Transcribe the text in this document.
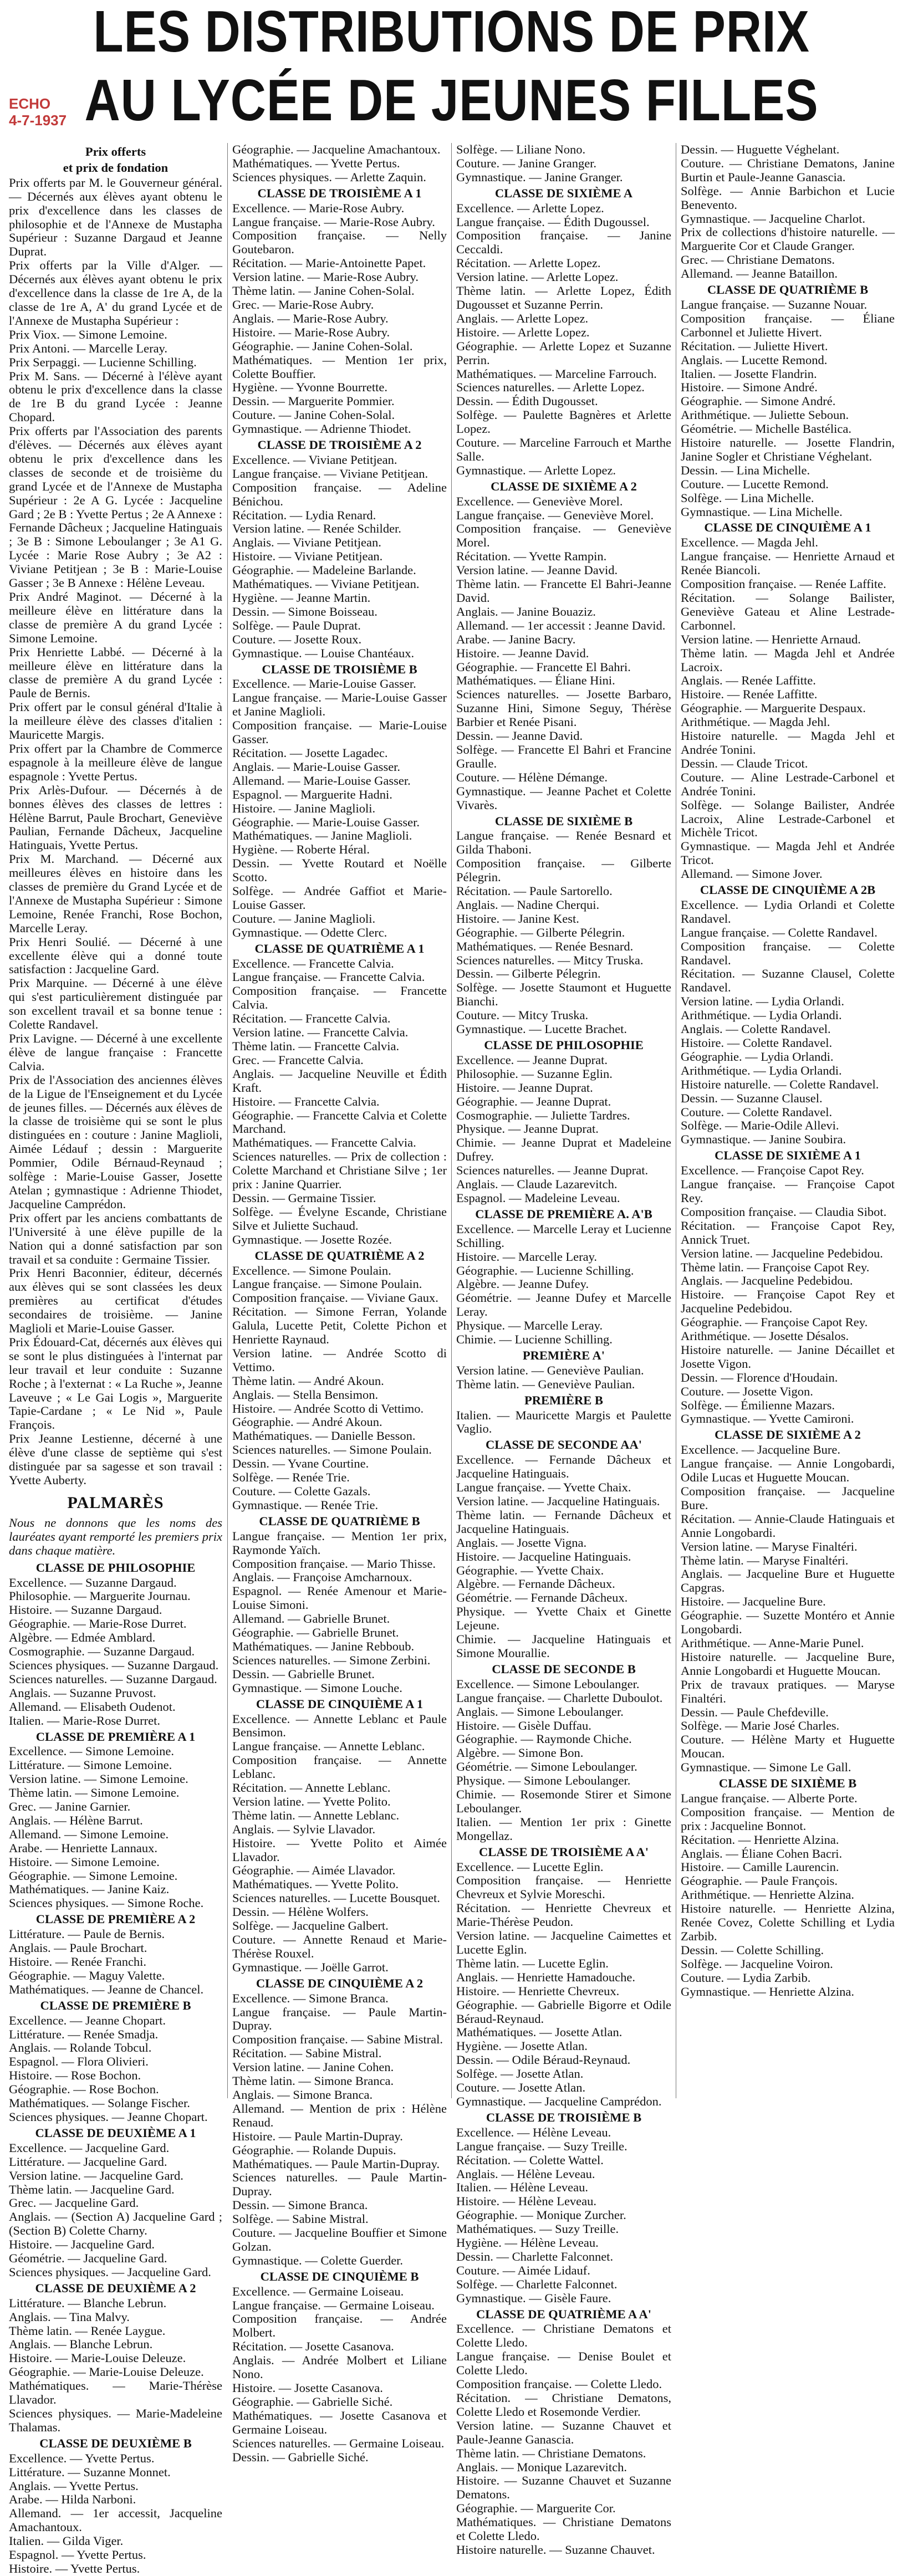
LES DISTRIBUTIONS DE PRIX
AU LYCÉE DE JEUNES FILLES
ECHO
4-7-1937

Prix offerts

et prix de fondation

Prix offerts par M. le Gouverneur général. — Décernés aux élèves ayant obtenu le prix d'excellence dans les classes de philosophie et de l'Annexe de Mustapha Supérieur : Suzanne Dargaud et Jeanne Duprat.

Prix offerts par la Ville d'Alger. — Décernés aux élèves ayant obtenu le prix d'excellence dans la classe de 1re A, de la classe de 1re A, A' du grand Lycée et de l'Annexe de Mustapha Supérieur :

Prix Viox. — Simone Lemoine.

Prix Antoni. — Marcelle Leray.

Prix Serpaggi. — Lucienne Schilling.

Prix M. Sans. — Décerné à l'élève ayant obtenu le prix d'excellence dans la classe de 1re B du grand Lycée : Jeanne Chopard.

Prix offerts par l'Association des parents d'élèves. — Décernés aux élèves ayant obtenu le prix d'excellence dans les classes de seconde et de troisième du grand Lycée et de l'Annexe de Mustapha Supérieur : 2e A G. Lycée : Jacqueline Gard ; 2e B : Yvette Pertus ; 2e A Annexe : Fernande Dâcheux ; Jacqueline Hatinguais ; 3e B : Simone Leboulanger ; 3e A1 G. Lycée : Marie Rose Aubry ; 3e A2 : Viviane Petitjean ; 3e B : Marie-Louise Gasser ; 3e B Annexe : Hélène Leveau.

Prix André Maginot. — Décerné à la meilleure élève en littérature dans la classe de première A du grand Lycée : Simone Lemoine.

Prix Henriette Labbé. — Décerné à la meilleure élève en littérature dans la classe de première A du grand Lycée : Paule de Bernis.

Prix offert par le consul général d'Italie à la meilleure élève des classes d'italien : Mauricette Margis.

Prix offert par la Chambre de Commerce espagnole à la meilleure élève de langue espagnole : Yvette Pertus.

Prix Arlès-Dufour. — Décernés à de bonnes élèves des classes de lettres : Hélène Barrut, Paule Brochart, Geneviève Paulian, Fernande Dâcheux, Jacqueline Hatinguais, Yvette Pertus.

Prix M. Marchand. — Décerné aux meilleures élèves en histoire dans les classes de première du Grand Lycée et de l'Annexe de Mustapha Supérieur : Simone Lemoine, Renée Franchi, Rose Bochon, Marcelle Leray.

Prix Henri Soulié. — Décerné à une excellente élève qui a donné toute satisfaction : Jacqueline Gard.

Prix Marquine. — Décerné à une élève qui s'est particulièrement distinguée par son excellent travail et sa bonne tenue : Colette Randavel.

Prix Lavigne. — Décerné à une excellente élève de langue française : Francette Calvia.

Prix de l'Association des anciennes élèves de la Ligue de l'Enseignement et du Lycée de jeunes filles. — Décernés aux élèves de la classe de troisième qui se sont le plus distinguées en : couture : Janine Maglioli, Aimée Lédauf ; dessin : Marguerite Pommier, Odile Bérnaud-Reynaud ; solfège : Marie-Louise Gasser, Josette Atelan ; gymnastique : Adrienne Thiodet, Jacqueline Camprédon.

Prix offert par les anciens combattants de l'Université à une élève pupille de la Nation qui a donné satisfaction par son travail et sa conduite : Germaine Tissier.

Prix Henri Baconnier, éditeur, décernés aux élèves qui se sont classées les deux premières au certificat d'études secondaires de troisième. — Janine Maglioli et Marie-Louise Gasser.

Prix Édouard-Cat, décernés aux élèves qui se sont le plus distinguées à l'internat par leur travail et leur conduite : Suzanne Roche ; à l'externat : « La Ruche », Jeanne Laveuve ; « Le Gai Logis », Marguerite Tapie-Cardane ; « Le Nid », Paule François.

Prix Jeanne Lestienne, décerné à une élève d'une classe de septième qui s'est distinguée par sa sagesse et son travail : Yvette Auberty.

PALMARÈS

Nous ne donnons que les noms des lauréates ayant remporté les premiers prix dans chaque matière.

CLASSE DE PHILOSOPHIE

Excellence. — Suzanne Dargaud.

Philosophie. — Marguerite Journau.

Histoire. — Suzanne Dargaud.

Géographie. — Marie-Rose Durret.

Algèbre. — Edmée Amblard.

Cosmographie. — Suzanne Dargaud.

Sciences physiques. — Suzanne Dargaud.

Sciences naturelles. — Suzanne Dargaud.

Anglais. — Suzanne Pruvost.

Allemand. — Elisabeth Oudenot.

Italien. — Marie-Rose Durret.

CLASSE DE PREMIÈRE A 1

Excellence. — Simone Lemoine.

Littérature. — Simone Lemoine.

Version latine. — Simone Lemoine.

Thème latin. — Simone Lemoine.

Grec. — Janine Garnier.

Anglais. — Hélène Barrut.

Allemand. — Simone Lemoine.

Arabe. — Henriette Lannaux.

Histoire. — Simone Lemoine.

Géographie. — Simone Lemoine.

Mathématiques. — Janine Kaiz.

Sciences physiques. — Simone Roche.

CLASSE DE PREMIÈRE A 2

Littérature. — Paule de Bernis.

Anglais. — Paule Brochart.

Histoire. — Renée Franchi.

Géographie. — Maguy Valette.

Mathématiques. — Jeanne de Chancel.

CLASSE DE PREMIÈRE B

Excellence. — Jeanne Chopart.

Littérature. — Renée Smadja.

Anglais. — Rolande Tobcul.

Espagnol. — Flora Olivieri.

Histoire. — Rose Bochon.

Géographie. — Rose Bochon.

Mathématiques. — Solange Fischer.

Sciences physiques. — Jeanne Chopart.

CLASSE DE DEUXIÈME A 1

Excellence. — Jacqueline Gard.

Littérature. — Jacqueline Gard.

Version latine. — Jacqueline Gard.

Thème latin. — Jacqueline Gard.

Grec. — Jacqueline Gard.

Anglais. — (Section A) Jacqueline Gard ; (Section B) Colette Charny.

Histoire. — Jacqueline Gard.

Géométrie. — Jacqueline Gard.

Sciences physiques. — Jacqueline Gard.

CLASSE DE DEUXIÈME A 2

Littérature. — Blanche Lebrun.

Anglais. — Tina Malvy.

Thème latin. — Renée Laygue.

Anglais. — Blanche Lebrun.

Histoire. — Marie-Louise Deleuze.

Géographie. — Marie-Louise Deleuze.

Mathématiques. — Marie-Thérèse Llavador.

Sciences physiques. — Marie-Madeleine Thalamas.

CLASSE DE DEUXIÈME B

Excellence. — Yvette Pertus.

Littérature. — Suzanne Monnet.

Anglais. — Yvette Pertus.

Arabe. — Hilda Narboni.

Allemand. — 1er accessit, Jacqueline Amachantoux.

Italien. — Gilda Viger.

Espagnol. — Yvette Pertus.

Histoire. — Yvette Pertus.

Géographie. — Jacqueline Amachantoux.

Mathématiques. — Yvette Pertus.

Sciences physiques. — Arlette Zaquin.

CLASSE DE TROISIÈME A 1

Excellence. — Marie-Rose Aubry.

Langue française. — Marie-Rose Aubry.

Composition française. — Nelly Goutebaron.

Récitation. — Marie-Antoinette Papet.

Version latine. — Marie-Rose Aubry.

Thème latin. — Janine Cohen-Solal.

Grec. — Marie-Rose Aubry.

Anglais. — Marie-Rose Aubry.

Histoire. — Marie-Rose Aubry.

Géographie. — Janine Cohen-Solal.

Mathématiques. — Mention 1er prix, Colette Bouffier.

Hygiène. — Yvonne Bourrette.

Dessin. — Marguerite Pommier.

Couture. — Janine Cohen-Solal.

Gymnastique. — Adrienne Thiodet.

CLASSE DE TROISIÈME A 2

Excellence. — Viviane Petitjean.

Langue française. — Viviane Petitjean.

Composition française. — Adeline Bénichou.

Récitation. — Lydia Renard.

Version latine. — Renée Schilder.

Anglais. — Viviane Petitjean.

Histoire. — Viviane Petitjean.

Géographie. — Madeleine Barlande.

Mathématiques. — Viviane Petitjean.

Hygiène. — Jeanne Martin.

Dessin. — Simone Boisseau.

Solfège. — Paule Duprat.

Couture. — Josette Roux.

Gymnastique. — Louise Chantéaux.

CLASSE DE TROISIÈME B

Excellence. — Marie-Louise Gasser.

Langue française. — Marie-Louise Gasser et Janine Maglioli.

Composition française. — Marie-Louise Gasser.

Récitation. — Josette Lagadec.

Anglais. — Marie-Louise Gasser.

Allemand. — Marie-Louise Gasser.

Espagnol. — Marguerite Hadni.

Histoire. — Janine Maglioli.

Géographie. — Marie-Louise Gasser.

Mathématiques. — Janine Maglioli.

Hygiène. — Roberte Héral.

Dessin. — Yvette Routard et Noëlle Scotto.

Solfège. — Andrée Gaffiot et Marie-Louise Gasser.

Couture. — Janine Maglioli.

Gymnastique. — Odette Clerc.

CLASSE DE QUATRIÈME A 1

Excellence. — Francette Calvia.

Langue française. — Francette Calvia.

Composition française. — Francette Calvia.

Récitation. — Francette Calvia.

Version latine. — Francette Calvia.

Thème latin. — Francette Calvia.

Grec. — Francette Calvia.

Anglais. — Jacqueline Neuville et Édith Kraft.

Histoire. — Francette Calvia.

Géographie. — Francette Calvia et Colette Marchand.

Mathématiques. — Francette Calvia.

Sciences naturelles. — Prix de collection : Colette Marchand et Christiane Silve ; 1er prix : Janine Quarrier.

Dessin. — Germaine Tissier.

Solfège. — Évelyne Escande, Christiane Silve et Juliette Suchaud.

Gymnastique. — Josette Rozée.

CLASSE DE QUATRIÈME A 2

Excellence. — Simone Poulain.

Langue française. — Simone Poulain.

Composition française. — Viviane Gaux.

Récitation. — Simone Ferran, Yolande Galula, Lucette Petit, Colette Pichon et Henriette Raynaud.

Version latine. — Andrée Scotto di Vettimo.

Thème latin. — André Akoun.

Anglais. — Stella Bensimon.

Histoire. — Andrée Scotto di Vettimo.

Géographie. — André Akoun.

Mathématiques. — Danielle Besson.

Sciences naturelles. — Simone Poulain.

Dessin. — Yvane Courtine.

Solfège. — Renée Trie.

Couture. — Colette Gazals.

Gymnastique. — Renée Trie.

CLASSE DE QUATRIÈME B

Langue française. — Mention 1er prix, Raymonde Yaïch.

Composition française. — Mario Thisse.

Anglais. — Françoise Amcharnoux.

Espagnol. — Renée Amenour et Marie-Louise Simoni.

Allemand. — Gabrielle Brunet.

Géographie. — Gabrielle Brunet.

Mathématiques. — Janine Rebboub.

Sciences naturelles. — Simone Zerbini.

Dessin. — Gabrielle Brunet.

Gymnastique. — Simone Louche.

CLASSE DE CINQUIÈME A 1

Excellence. — Annette Leblanc et Paule Bensimon.

Langue française. — Annette Leblanc.

Composition française. — Annette Leblanc.

Récitation. — Annette Leblanc.

Version latine. — Yvette Polito.

Thème latin. — Annette Leblanc.

Anglais. — Sylvie Llavador.

Histoire. — Yvette Polito et Aimée Llavador.

Géographie. — Aimée Llavador.

Mathématiques. — Yvette Polito.

Sciences naturelles. — Lucette Bousquet.

Dessin. — Hélène Wolfers.

Solfège. — Jacqueline Galbert.

Couture. — Annette Renaud et Marie-Thérèse Rouxel.

Gymnastique. — Joëlle Garrot.

CLASSE DE CINQUIÈME A 2

Excellence. — Simone Branca.

Langue française. — Paule Martin-Dupray.

Composition française. — Sabine Mistral.

Récitation. — Sabine Mistral.

Version latine. — Janine Cohen.

Thème latin. — Simone Branca.

Anglais. — Simone Branca.

Allemand. — Mention de prix : Hélène Renaud.

Histoire. — Paule Martin-Dupray.

Géographie. — Rolande Dupuis.

Mathématiques. — Paule Martin-Dupray.

Sciences naturelles. — Paule Martin-Dupray.

Dessin. — Simone Branca.

Solfège. — Sabine Mistral.

Couture. — Jacqueline Bouffier et Simone Golzan.

Gymnastique. — Colette Guerder.

CLASSE DE CINQUIÈME B

Excellence. — Germaine Loiseau.

Langue française. — Germaine Loiseau.

Composition française. — Andrée Molbert.

Récitation. — Josette Casanova.

Anglais. — Andrée Molbert et Liliane Nono.

Histoire. — Josette Casanova.

Géographie. — Gabrielle Siché.

Mathématiques. — Josette Casanova et Germaine Loiseau.

Sciences naturelles. — Germaine Loiseau.

Dessin. — Gabrielle Siché.

Solfège. — Liliane Nono.

Couture. — Janine Granger.

Gymnastique. — Janine Granger.

CLASSE DE SIXIÈME A

Excellence. — Arlette Lopez.

Langue française. — Édith Dugoussel.

Composition française. — Janine Ceccaldi.

Récitation. — Arlette Lopez.

Version latine. — Arlette Lopez.

Thème latin. — Arlette Lopez, Édith Dugousset et Suzanne Perrin.

Anglais. — Arlette Lopez.

Histoire. — Arlette Lopez.

Géographie. — Arlette Lopez et Suzanne Perrin.

Mathématiques. — Marceline Farrouch.

Sciences naturelles. — Arlette Lopez.

Dessin. — Édith Dugousset.

Solfège. — Paulette Bagnères et Arlette Lopez.

Couture. — Marceline Farrouch et Marthe Salle.

Gymnastique. — Arlette Lopez.

CLASSE DE SIXIÈME A 2

Excellence. — Geneviève Morel.

Langue française. — Geneviève Morel.

Composition française. — Geneviève Morel.

Récitation. — Yvette Rampin.

Version latine. — Jeanne David.

Thème latin. — Francette El Bahri-Jeanne David.

Anglais. — Janine Bouaziz.

Allemand. — 1er accessit : Jeanne David.

Arabe. — Janine Bacry.

Histoire. — Jeanne David.

Géographie. — Francette El Bahri.

Mathématiques. — Éliane Hini.

Sciences naturelles. — Josette Barbaro, Suzanne Hini, Simone Seguy, Thérèse Barbier et Renée Pisani.

Dessin. — Jeanne David.

Solfège. — Francette El Bahri et Francine Graulle.

Couture. — Hélène Démange.

Gymnastique. — Jeanne Pachet et Colette Vivarès.

CLASSE DE SIXIÈME B

Langue française. — Renée Besnard et Gilda Thaboni.

Composition française. — Gilberte Pélegrin.

Récitation. — Paule Sartorello.

Anglais. — Nadine Cherqui.

Histoire. — Janine Kest.

Géographie. — Gilberte Pélegrin.

Mathématiques. — Renée Besnard.

Sciences naturelles. — Mitcy Truska.

Dessin. — Gilberte Pélegrin.

Solfège. — Josette Staumont et Huguette Bianchi.

Couture. — Mitcy Truska.

Gymnastique. — Lucette Brachet.

CLASSE DE PHILOSOPHIE

Excellence. — Jeanne Duprat.

Philosophie. — Suzanne Eglin.

Histoire. — Jeanne Duprat.

Géographie. — Jeanne Duprat.

Cosmographie. — Juliette Tardres.

Physique. — Jeanne Duprat.

Chimie. — Jeanne Duprat et Madeleine Dufrey.

Sciences naturelles. — Jeanne Duprat.

Anglais. — Claude Lazarevitch.

Espagnol. — Madeleine Leveau.

CLASSE DE PREMIÈRE A. A'B

Excellence. — Marcelle Leray et Lucienne Schilling.

Histoire. — Marcelle Leray.

Géographie. — Lucienne Schilling.

Algèbre. — Jeanne Dufey.

Géométrie. — Jeanne Dufey et Marcelle Leray.

Physique. — Marcelle Leray.

Chimie. — Lucienne Schilling.

PREMIÈRE A'

Version latine. — Geneviève Paulian.

Thème latin. — Geneviève Paulian.

PREMIÈRE B

Italien. — Mauricette Margis et Paulette Vaglio.

CLASSE DE SECONDE AA'

Excellence. — Fernande Dâcheux et Jacqueline Hatinguais.

Langue française. — Yvette Chaix.

Version latine. — Jacqueline Hatinguais.

Thème latin. — Fernande Dâcheux et Jacqueline Hatinguais.

Anglais. — Josette Vigna.

Histoire. — Jacqueline Hatinguais.

Géographie. — Yvette Chaix.

Algèbre. — Fernande Dâcheux.

Géométrie. — Fernande Dâcheux.

Physique. — Yvette Chaix et Ginette Lejeune.

Chimie. — Jacqueline Hatinguais et Simone Mourallie.

CLASSE DE SECONDE B

Excellence. — Simone Leboulanger.

Langue française. — Charlette Duboulot.

Anglais. — Simone Leboulanger.

Histoire. — Gisèle Duffau.

Géographie. — Raymonde Chiche.

Algèbre. — Simone Bon.

Géométrie. — Simone Leboulanger.

Physique. — Simone Leboulanger.

Chimie. — Rosemonde Stirer et Simone Leboulanger.

Italien. — Mention 1er prix : Ginette Mongellaz.

CLASSE DE TROISIÈME A A'

Excellence. — Lucette Eglin.

Composition française. — Henriette Chevreux et Sylvie Moreschi.

Récitation. — Henriette Chevreux et Marie-Thérèse Peudon.

Version latine. — Jacqueline Caimettes et Lucette Eglin.

Thème latin. — Lucette Eglin.

Anglais. — Henriette Hamadouche.

Histoire. — Henriette Chevreux.

Géographie. — Gabrielle Bigorre et Odile Béraud-Reynaud.

Mathématiques. — Josette Atlan.

Hygiène. — Josette Atlan.

Dessin. — Odile Béraud-Reynaud.

Solfège. — Josette Atlan.

Couture. — Josette Atlan.

Gymnastique. — Jacqueline Camprédon.

CLASSE DE TROISIÈME B

Excellence. — Hélène Leveau.

Langue française. — Suzy Treille.

Récitation. — Colette Wattel.

Anglais. — Hélène Leveau.

Italien. — Hélène Leveau.

Histoire. — Hélène Leveau.

Géographie. — Monique Zurcher.

Mathématiques. — Suzy Treille.

Hygiène. — Hélène Leveau.

Dessin. — Charlette Falconnet.

Couture. — Aimée Lidauf.

Solfège. — Charlette Falconnet.

Gymnastique. — Gisèle Faure.

CLASSE DE QUATRIÈME A A'

Excellence. — Christiane Dematons et Colette Lledo.

Langue française. — Denise Boulet et Colette Lledo.

Composition française. — Colette Lledo.

Récitation. — Christiane Dematons, Colette Lledo et Rosemonde Verdier.

Version latine. — Suzanne Chauvet et Paule-Jeanne Ganascia.

Thème latin. — Christiane Dematons.

Anglais. — Monique Lazarevitch.

Histoire. — Suzanne Chauvet et Suzanne Dematons.

Géographie. — Marguerite Cor.

Mathématiques. — Christiane Dematons et Colette Lledo.

Histoire naturelle. — Suzanne Chauvet.

Dessin. — Huguette Véghelant.

Couture. — Christiane Dematons, Janine Burtin et Paule-Jeanne Ganascia.

Solfège. — Annie Barbichon et Lucie Benevento.

Gymnastique. — Jacqueline Charlot.

Prix de collections d'histoire naturelle. — Marguerite Cor et Claude Granger.

Grec. — Christiane Dematons.

Allemand. — Jeanne Bataillon.

CLASSE DE QUATRIÈME B

Langue française. — Suzanne Nouar.

Composition française. — Éliane Carbonnel et Juliette Hivert.

Récitation. — Juliette Hivert.

Anglais. — Lucette Remond.

Italien. — Josette Flandrin.

Histoire. — Simone André.

Géographie. — Simone André.

Arithmétique. — Juliette Seboun.

Géométrie. — Michelle Bastélica.

Histoire naturelle. — Josette Flandrin, Janine Sogler et Christiane Véghelant.

Dessin. — Lina Michelle.

Couture. — Lucette Remond.

Solfège. — Lina Michelle.

Gymnastique. — Lina Michelle.

CLASSE DE CINQUIÈME A 1

Excellence. — Magda Jehl.

Langue française. — Henriette Arnaud et Renée Biancoli.

Composition française. — Renée Laffite.

Récitation. — Solange Bailister, Geneviève Gateau et Aline Lestrade-Carbonnel.

Version latine. — Henriette Arnaud.

Thème latin. — Magda Jehl et Andrée Lacroix.

Anglais. — Renée Laffitte.

Histoire. — Renée Laffitte.

Géographie. — Marguerite Despaux.

Arithmétique. — Magda Jehl.

Histoire naturelle. — Magda Jehl et Andrée Tonini.

Dessin. — Claude Tricot.

Couture. — Aline Lestrade-Carbonel et Andrée Tonini.

Solfège. — Solange Bailister, Andrée Lacroix, Aline Lestrade-Carbonel et Michèle Tricot.

Gymnastique. — Magda Jehl et Andrée Tricot.

Allemand. — Simone Jover.

CLASSE DE CINQUIÈME A 2B

Excellence. — Lydia Orlandi et Colette Randavel.

Langue française. — Colette Randavel.

Composition française. — Colette Randavel.

Récitation. — Suzanne Clausel, Colette Randavel.

Version latine. — Lydia Orlandi.

Arithmétique. — Lydia Orlandi.

Anglais. — Colette Randavel.

Histoire. — Colette Randavel.

Géographie. — Lydia Orlandi.

Arithmétique. — Lydia Orlandi.

Histoire naturelle. — Colette Randavel.

Dessin. — Suzanne Clausel.

Couture. — Colette Randavel.

Solfège. — Marie-Odile Allevi.

Gymnastique. — Janine Soubira.

CLASSE DE SIXIÈME A 1

Excellence. — Françoise Capot Rey.

Langue française. — Françoise Capot Rey.

Composition française. — Claudia Sibot.

Récitation. — Françoise Capot Rey, Annick Truet.

Version latine. — Jacqueline Pedebidou.

Thème latin. — Françoise Capot Rey.

Anglais. — Jacqueline Pedebidou.

Histoire. — Françoise Capot Rey et Jacqueline Pedebidou.

Géographie. — Françoise Capot Rey.

Arithmétique. — Josette Désalos.

Histoire naturelle. — Janine Décaillet et Josette Vigon.

Dessin. — Florence d'Houdain.

Couture. — Josette Vigon.

Solfège. — Émilienne Mazars.

Gymnastique. — Yvette Camironi.

CLASSE DE SIXIÈME A 2

Excellence. — Jacqueline Bure.

Langue française. — Annie Longobardi, Odile Lucas et Huguette Moucan.

Composition française. — Jacqueline Bure.

Récitation. — Annie-Claude Hatinguais et Annie Longobardi.

Version latine. — Maryse Finaltéri.

Thème latin. — Maryse Finaltéri.

Anglais. — Jacqueline Bure et Huguette Capgras.

Histoire. — Jacqueline Bure.

Géographie. — Suzette Montéro et Annie Longobardi.

Arithmétique. — Anne-Marie Punel.

Histoire naturelle. — Jacqueline Bure, Annie Longobardi et Huguette Moucan.

Prix de travaux pratiques. — Maryse Finaltéri.

Dessin. — Paule Chefdeville.

Solfège. — Marie José Charles.

Couture. — Hélène Marty et Huguette Moucan.

Gymnastique. — Simone Le Gall.

CLASSE DE SIXIÈME B

Langue française. — Alberte Porte.

Composition française. — Mention de prix : Jacqueline Bonnot.

Récitation. — Henriette Alzina.

Anglais. — Éliane Cohen Bacri.

Histoire. — Camille Laurencin.

Géographie. — Paule François.

Arithmétique. — Henriette Alzina.

Histoire naturelle. — Henriette Alzina, Renée Covez, Colette Schilling et Lydia Zarbib.

Dessin. — Colette Schilling.

Solfège. — Jacqueline Voiron.

Couture. — Lydia Zarbib.

Gymnastique. — Henriette Alzina.
